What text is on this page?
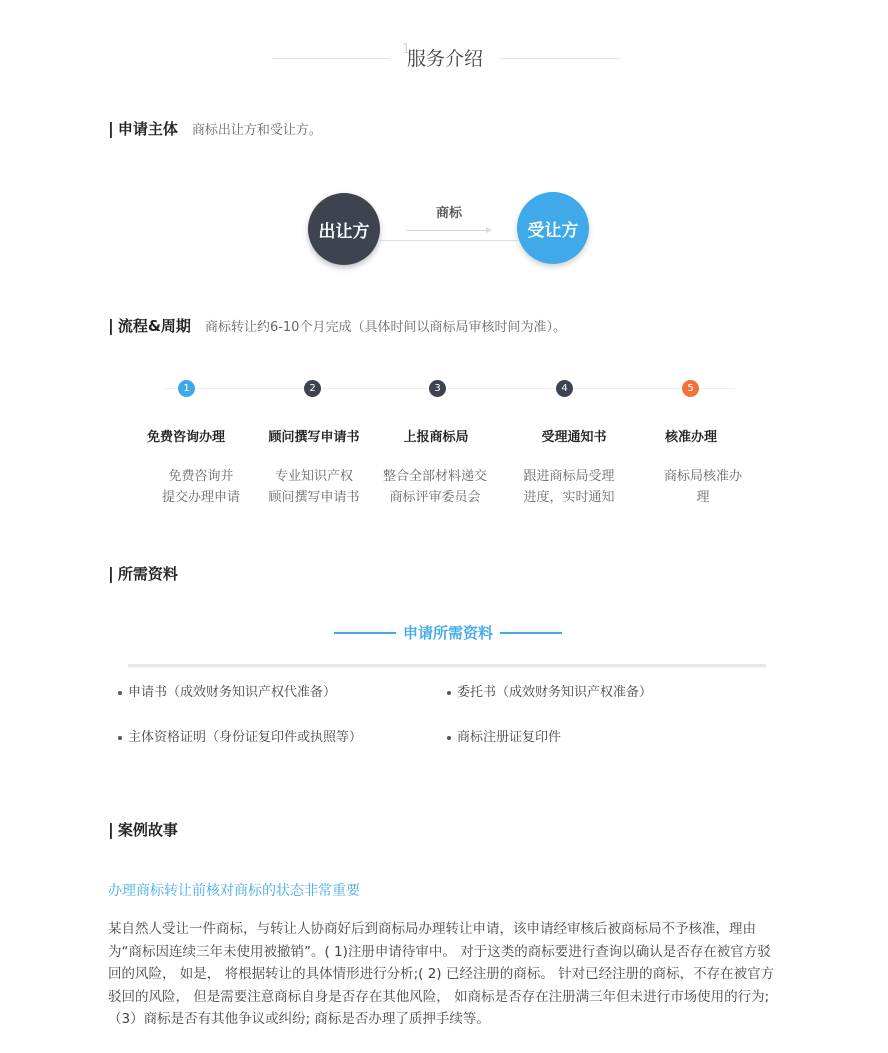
1
服务介绍
| 申请主体 商标出让方和受让方。
出让方
商标
受让方
| 流程&周期 商标转让约6-10个月完成（具体时间以商标局审核时间为准）。
1
免费咨询办理
免费咨询并
提交办理申请
2
顾问撰写申请书
专业知识产权
顾问撰写申请书
3
上报商标局
整合全部材料递交
商标评审委员会
4
受理通知书
跟进商标局受理
进度，实时通知
5
核准办理
商标局核准办
理
| 所需资料
申请所需资料
申请书（成效财务知识产权代准备）	委托书（成效财务知识产权准备）
主体资格证明（身份证复印件或执照等）	商标注册证复印件
| 案例故事
办理商标转让前核对商标的状态非常重要
某自然人受让一件商标，与转让人协商好后到商标局办理转让申请，该申请经审核后被商标局不予核准，理由为“商标因连续三年未使用被撤销”。( 1)注册申请待审中。 对于这类的商标要进行查询以确认是否存在被官方驳回的风险， 如是， 将根据转让的具体情形进行分析;( 2) 已经注册的商标。 针对已经注册的商标，不存在被官方驳回的风险， 但是需要注意商标自身是否存在其他风险， 如商标是否存在注册满三年但未进行市场使用的行为;（3）商标是否有其他争议或纠纷; 商标是否办理了质押手续等。
